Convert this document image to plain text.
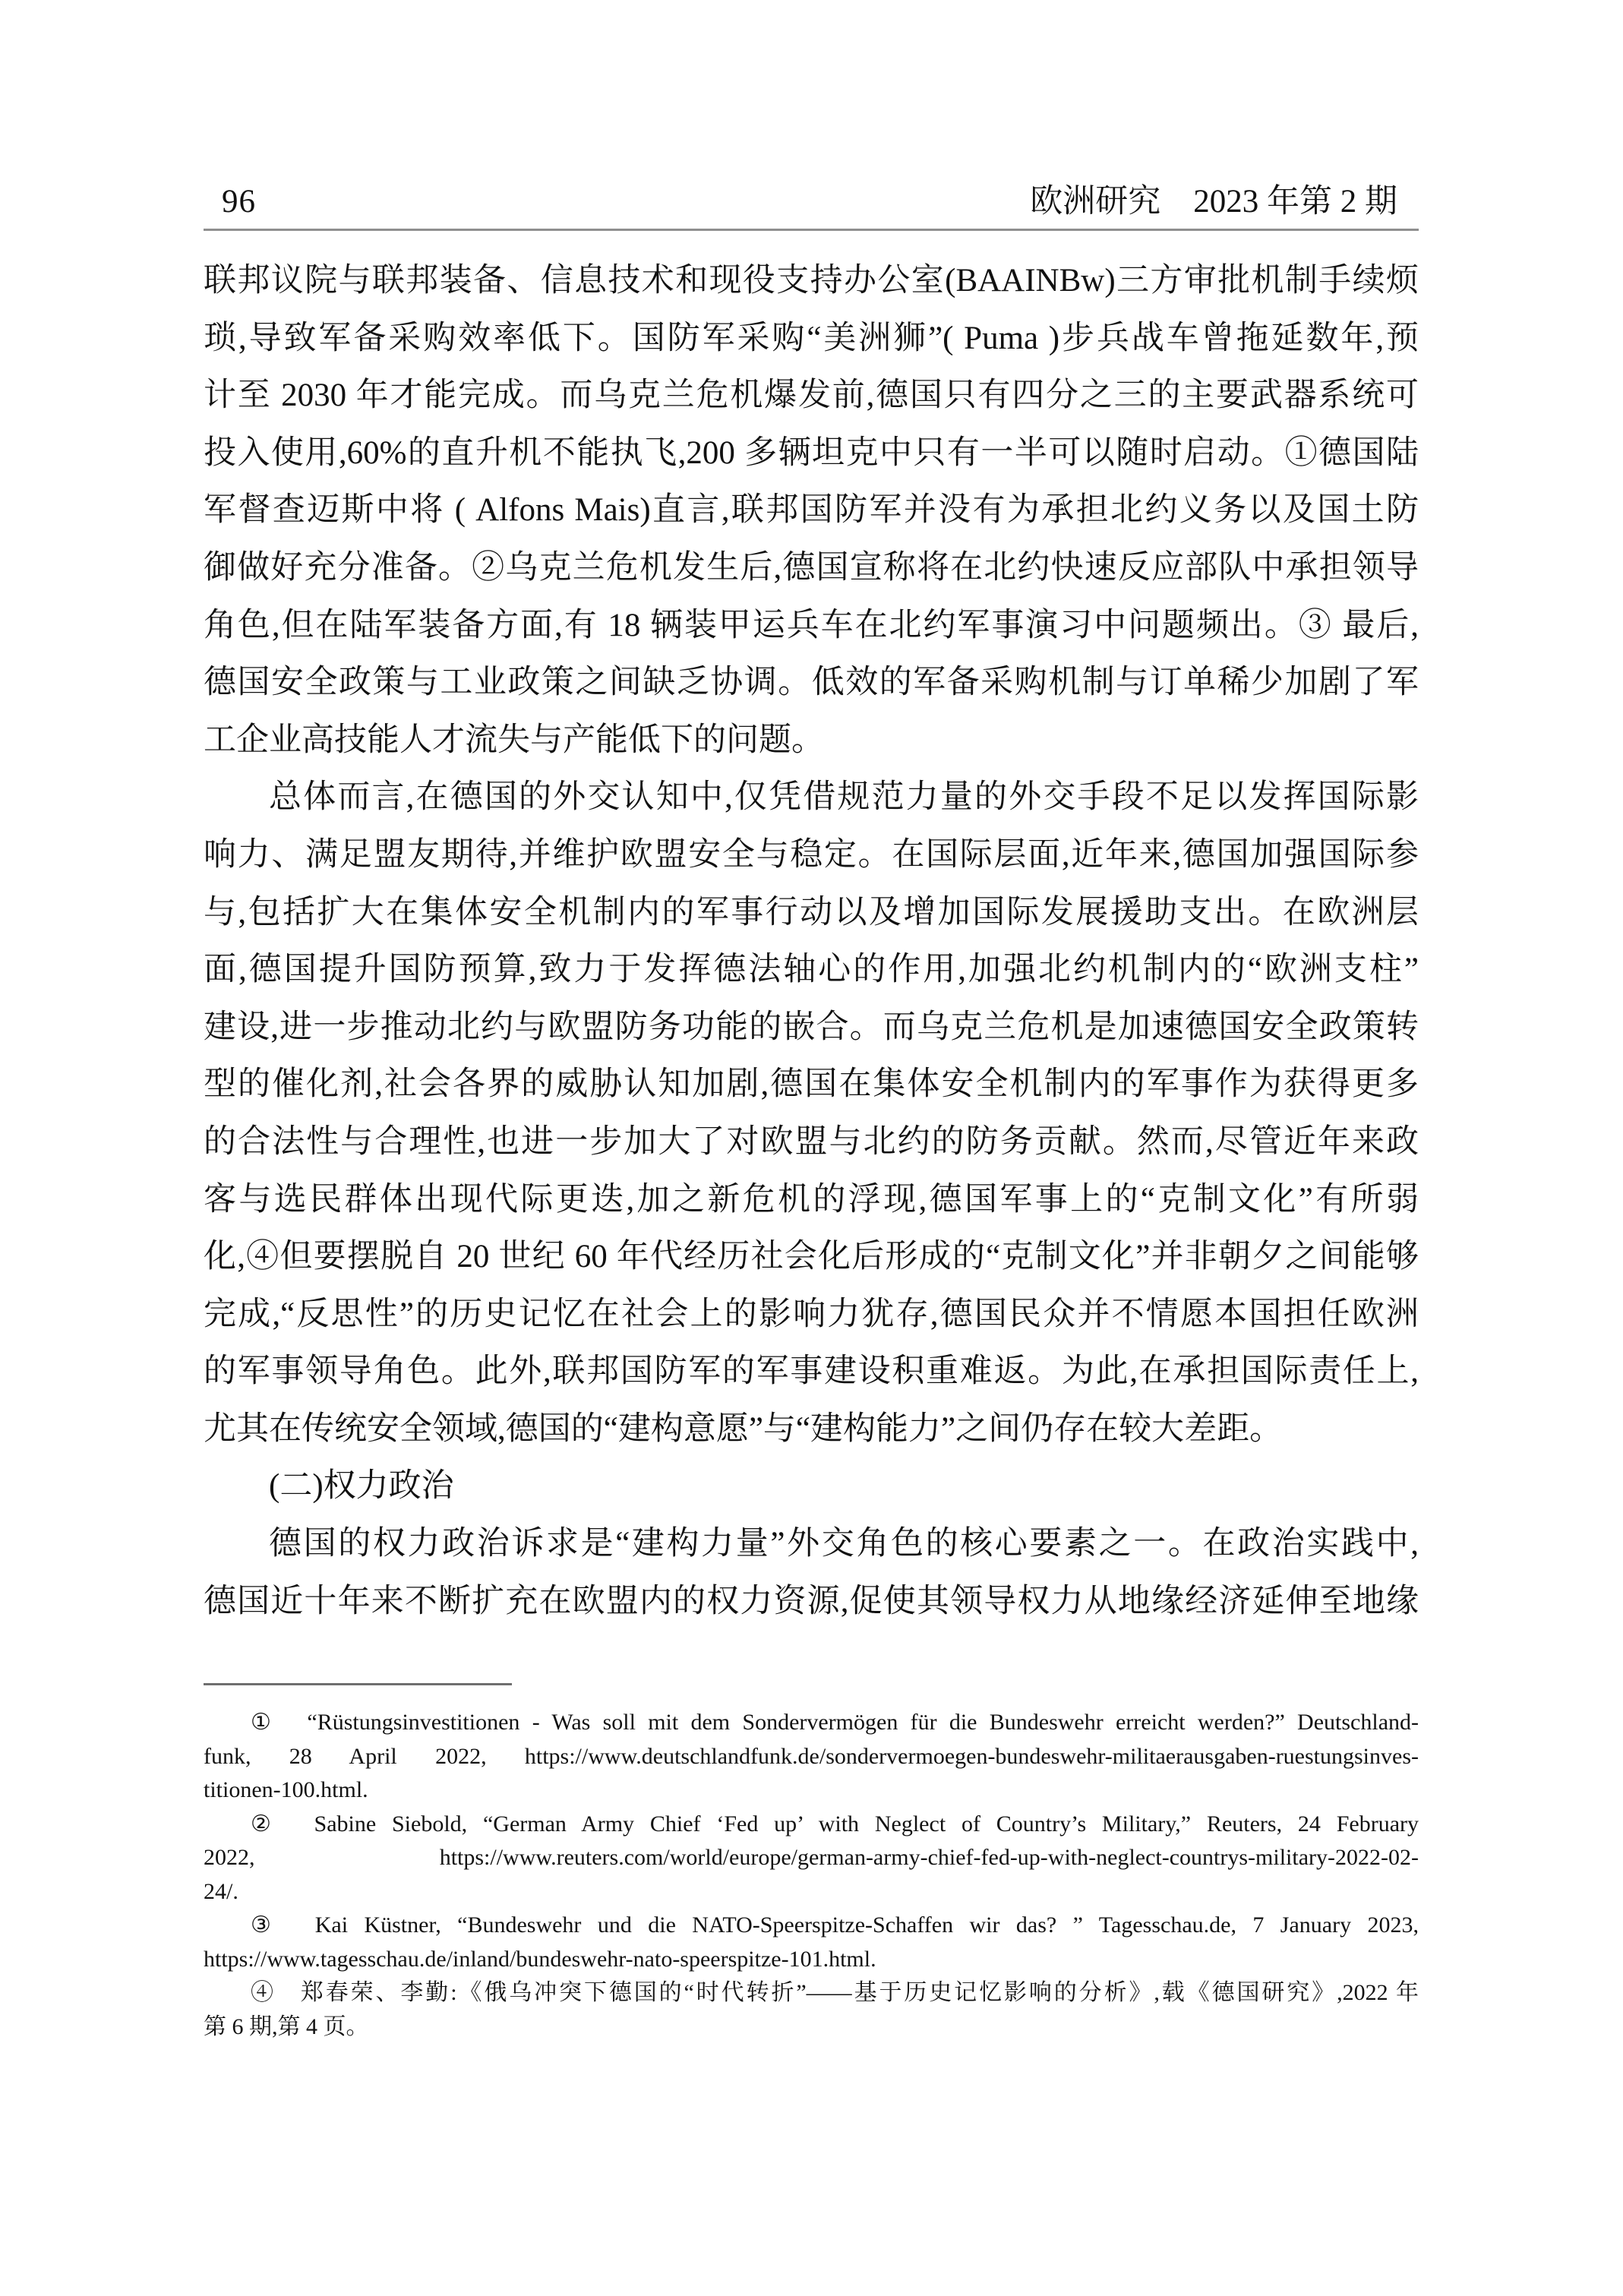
96	欧洲研究　2023 年第 2 期
联邦议院与联邦装备、信息技术和现役支持办公室(BAAINBw)三方审批机制手续烦
琐,导致军备采购效率低下。国防军采购“美洲狮”( Puma )步兵战车曾拖延数年,预
计至 2030 年才能完成。而乌克兰危机爆发前,德国只有四分之三的主要武器系统可
投入使用,60%的直升机不能执飞,200 多辆坦克中只有一半可以随时启动。①德国陆
军督查迈斯中将 ( Alfons Mais)直言,联邦国防军并没有为承担北约义务以及国土防
御做好充分准备。②乌克兰危机发生后,德国宣称将在北约快速反应部队中承担领导
角色,但在陆军装备方面,有 18 辆装甲运兵车在北约军事演习中问题频出。③ 最后,
德国安全政策与工业政策之间缺乏协调。低效的军备采购机制与订单稀少加剧了军
工企业高技能人才流失与产能低下的问题。
总体而言,在德国的外交认知中,仅凭借规范力量的外交手段不足以发挥国际影
响力、满足盟友期待,并维护欧盟安全与稳定。在国际层面,近年来,德国加强国际参
与,包括扩大在集体安全机制内的军事行动以及增加国际发展援助支出。在欧洲层
面,德国提升国防预算,致力于发挥德法轴心的作用,加强北约机制内的“欧洲支柱”
建设,进一步推动北约与欧盟防务功能的嵌合。而乌克兰危机是加速德国安全政策转
型的催化剂,社会各界的威胁认知加剧,德国在集体安全机制内的军事作为获得更多
的合法性与合理性,也进一步加大了对欧盟与北约的防务贡献。然而,尽管近年来政
客与选民群体出现代际更迭,加之新危机的浮现,德国军事上的“克制文化”有所弱
化,④但要摆脱自 20 世纪 60 年代经历社会化后形成的“克制文化”并非朝夕之间能够
完成,“反思性”的历史记忆在社会上的影响力犹存,德国民众并不情愿本国担任欧洲
的军事领导角色。此外,联邦国防军的军事建设积重难返。为此,在承担国际责任上,
尤其在传统安全领域,德国的“建构意愿”与“建构能力”之间仍存在较大差距。
(二)权力政治
德国的权力政治诉求是“建构力量”外交角色的核心要素之一。在政治实践中,
德国近十年来不断扩充在欧盟内的权力资源,促使其领导权力从地缘经济延伸至地缘
①　“Rüstungsinvestitionen - Was soll mit dem Sondervermögen für die Bundeswehr erreicht werden?” Deutschland-
funk, 28 April 2022, https://www.deutschlandfunk.de/sondervermoegen-bundeswehr-militaerausgaben-ruestungsinves-
titionen-100.html.
②　Sabine Siebold, “German Army Chief ‘Fed up’ with Neglect of Country’s Military,” Reuters, 24 February
2022, https://www.reuters.com/world/europe/german-army-chief-fed-up-with-neglect-countrys-military-2022-02-
24/.
③　Kai Küstner, “Bundeswehr und die NATO-Speerspitze-Schaffen wir das? ” Tagesschau.de, 7 January 2023,
https://www.tagesschau.de/inland/bundeswehr-nato-speerspitze-101.html.
④　郑春荣、李勤:《俄乌冲突下德国的“时代转折”——基于历史记忆影响的分析》,载《德国研究》,2022 年
第 6 期,第 4 页。
